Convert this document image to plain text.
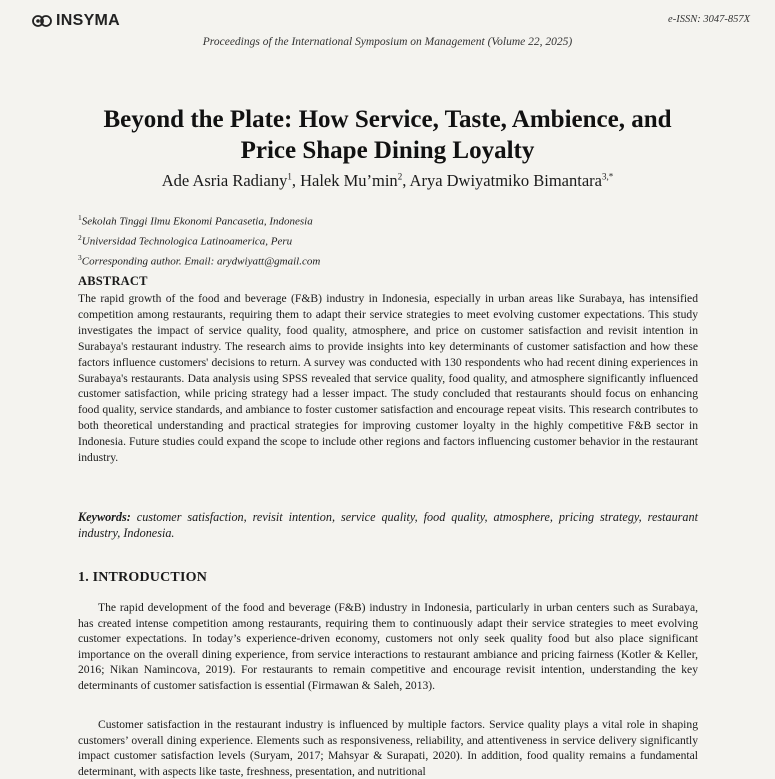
INSYMA	e-ISSN: 3047-857X
Proceedings of the International Symposium on Management (Volume 22, 2025)
Beyond the Plate: How Service, Taste, Ambience, and
Price Shape Dining Loyalty
Ade Asria Radiany$^1$, Halek $Mu’\min^2$, Arya Dwiyatmiko Bimantara$^{3,*}$
$^1$Sekolah Tinggi Ilmu Ekonomi Pancasetia, Indonesia
$^2$Universidad Technologica Latinoamerica, Peru
$^3$Corresponding author. Email: arydwiyatt@gmail.com
ABSTRACT
The rapid growth of the food and beverage (F&B) industry in Indonesia, especially in urban areas like Surabaya, has intensified competition among restaurants, requiring them to adapt their service strategies to meet evolving customer expectations. This study investigates the impact of service quality, food quality, atmosphere, and price on customer satisfaction and revisit intention in Surabaya's restaurant industry. The research aims to provide insights into key determinants of customer satisfaction and how these factors influence customers' decisions to return. A survey was conducted with 130 respondents who had recent dining experiences in Surabaya's restaurants. Data analysis using SPSS revealed that service quality, food quality, and atmosphere significantly influenced customer satisfaction, while pricing strategy had a lesser impact. The study concluded that restaurants should focus on enhancing food quality, service standards, and ambiance to foster customer satisfaction and encourage repeat visits. This research contributes to both theoretical understanding and practical strategies for improving customer loyalty in the highly competitive F&B sector in Indonesia. Future studies could expand the scope to include other regions and factors influencing customer behavior in the restaurant industry.
Keywords: customer satisfaction, revisit intention, service quality, food quality, atmosphere, pricing strategy, restaurant industry, Indonesia.
1. INTRODUCTION
The rapid development of the food and beverage (F&B) industry in Indonesia, particularly in urban centers such as Surabaya, has created intense competition among restaurants, requiring them to continuously adapt their service strategies to meet evolving customer expectations. In today’s experience-driven economy, customers not only seek quality food but also place significant importance on the overall dining experience, from service interactions to restaurant ambiance and pricing fairness (Kotler & Keller, 2016; Nikan Namincova, 2019). For restaurants to remain competitive and encourage revisit intention, understanding the key determinants of customer satisfaction is essential (Firmawan & Saleh, 2013).
Customer satisfaction in the restaurant industry is influenced by multiple factors. Service quality plays a vital role in shaping customers’ overall dining experience. Elements such as responsiveness, reliability, and attentiveness in service delivery significantly impact customer satisfaction levels (Suryam, 2017; Mahsyar & Surapati, 2020). In addition, food quality remains a fundamental determinant, with aspects like taste, freshness, presentation, and nutritional
